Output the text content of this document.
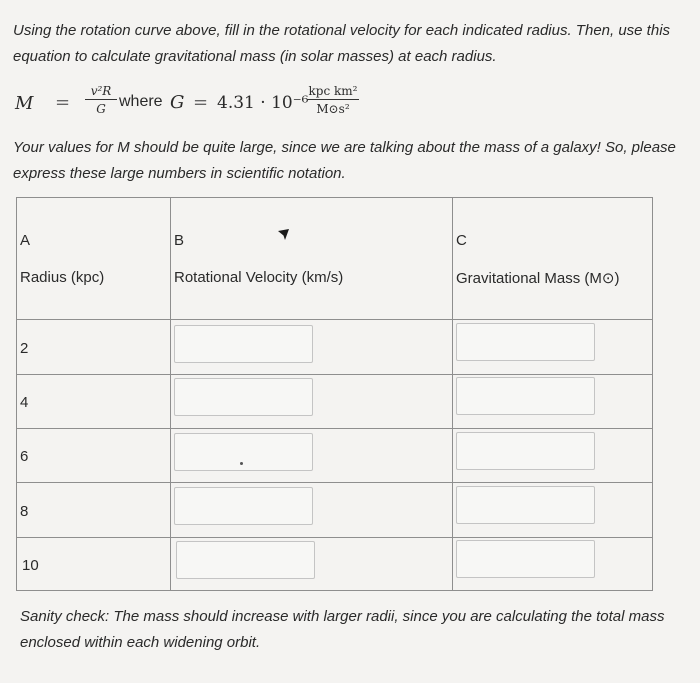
Using the rotation curve above, fill in the rotational velocity for each indicated radius. Then, use this equation to calculate gravitational mass (in solar masses) at each radius.
$M = \frac{\text{v²R}}{G}$ where G = 4.31 · 10⁻⁶
kpc km²
M⊙s²
Your values for M should be quite large, since we are talking about the mass of a galaxy! So, please express these large numbers in scientific notation.
A
Radius (kpc)
B
Rotational Velocity (km/s)
C
Gravitational Mass (M⊙)
2
4
6
8
10
Sanity check: The mass should increase with larger radii, since you are calculating the total mass enclosed within each widening orbit.
